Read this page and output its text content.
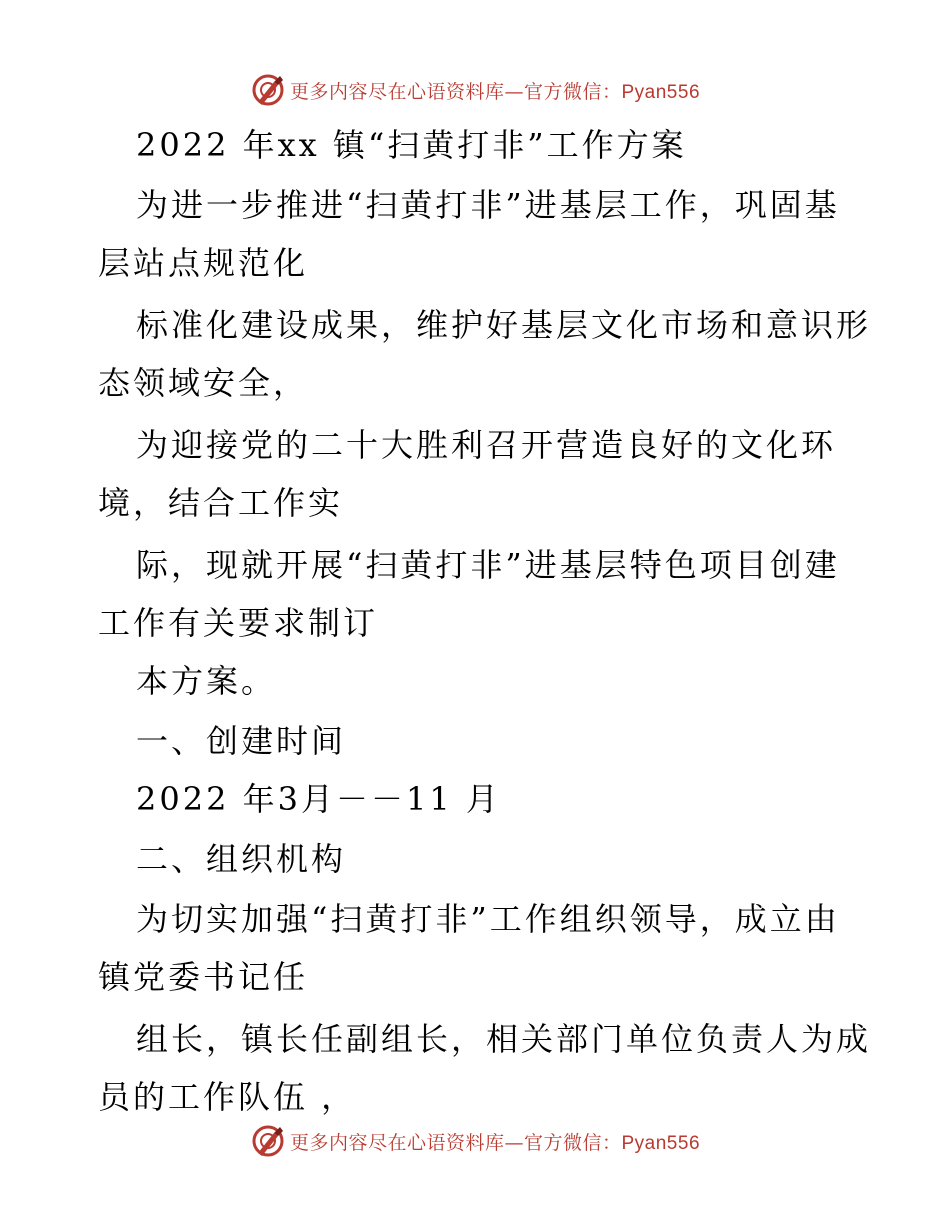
更多内容尽在心语资料库—官方微信：Pyan556
2022 年xx 镇“扫黄打非”工作方案
为进一步推进“扫黄打非”进基层工作，巩固基
层站点规范化
标准化建设成果，维护好基层文化市场和意识形
态领域安全，
为迎接党的二十大胜利召开营造良好的文化环
境，结合工作实
际，现就开展“扫黄打非”进基层特色项目创建
工作有关要求制订
本方案。
一、创建时间
2022 年3月－－11 月
二、组织机构
为切实加强“扫黄打非”工作组织领导，成立由
镇党委书记任
组长，镇长任副组长，相关部门单位负责人为成
员的工作队伍 ，
更多内容尽在心语资料库—官方微信：Pyan556
